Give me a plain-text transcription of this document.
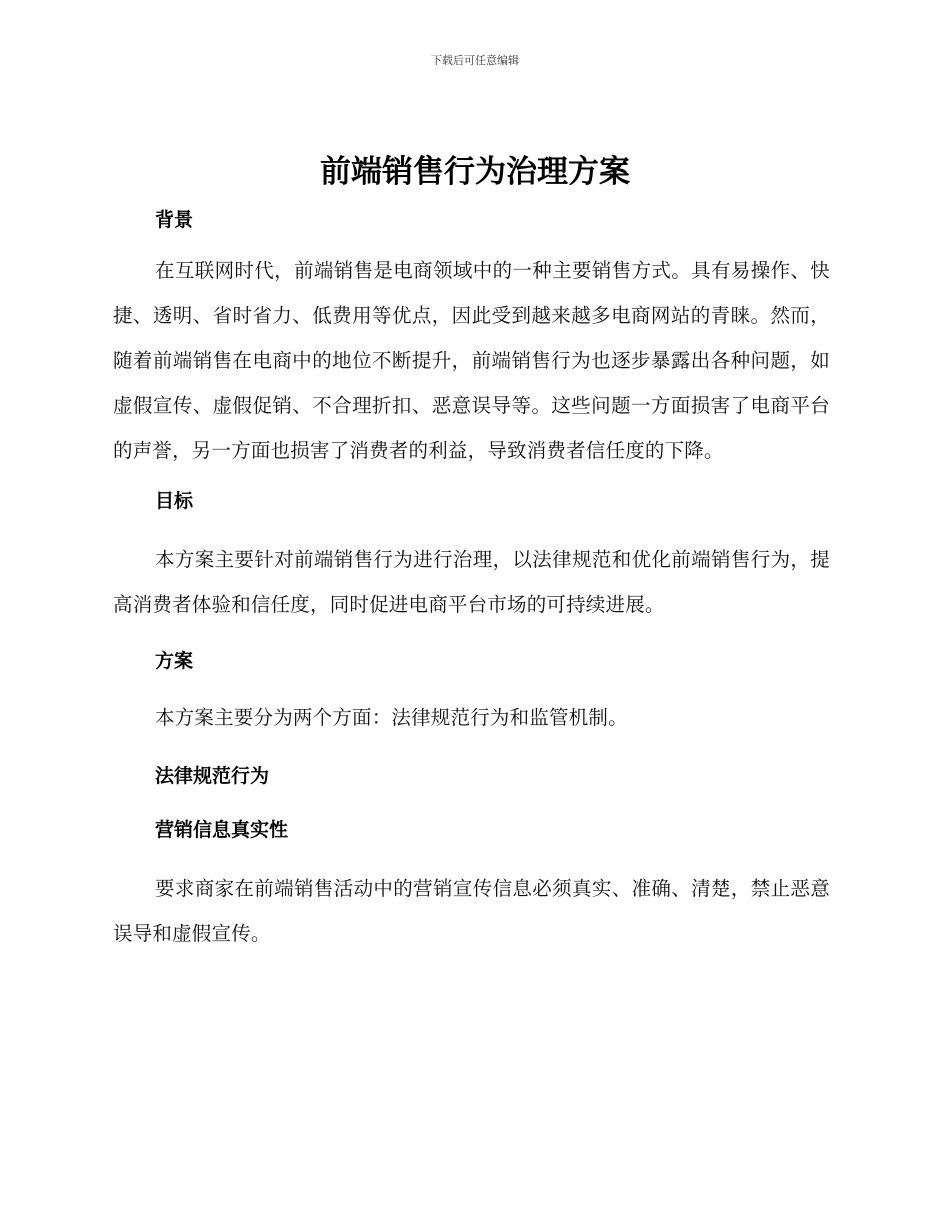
下载后可任意编辑
前端销售行为治理方案
背景

在互联网时代，前端销售是电商领域中的一种主要销售方式。具有易操作、快捷、透明、省时省力、低费用等优点，因此受到越来越多电商网站的青睐。然而，随着前端销售在电商中的地位不断提升，前端销售行为也逐步暴露出各种问题，如虚假宣传、虚假促销、不合理折扣、恶意误导等。这些问题一方面损害了电商平台的声誉，另一方面也损害了消费者的利益，导致消费者信任度的下降。

目标

本方案主要针对前端销售行为进行治理，以法律规范和优化前端销售行为，提高消费者体验和信任度，同时促进电商平台市场的可持续进展。

方案

本方案主要分为两个方面：法律规范行为和监管机制。

法律规范行为
营销信息真实性

要求商家在前端销售活动中的营销宣传信息必须真实、准确、清楚，禁止恶意误导和虚假宣传。
